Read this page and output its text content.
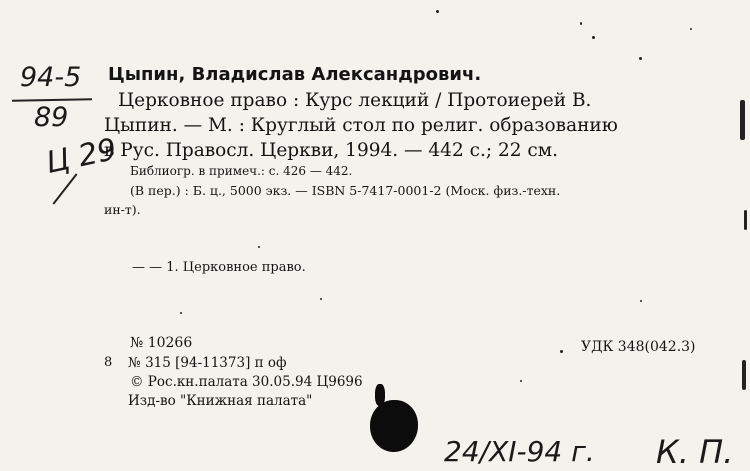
94-5
89
Ц 29
Цыпин, Владислав Александрович.
Церковное право : Курс лекций / Протоиерей В.
Цыпин. — М. : Круглый стол по религ. образованию
в Рус. Правосл. Церкви, 1994. — 442 с.; 22 см.
Библиогр. в примеч.: с. 426 — 442.
(В пер.) : Б. ц., 5000 экз. — ISBN 5-7417-0001-2 (Моск. физ.-техн.
ин-т).
— — 1. Церковное право.
№ 10266	УДК 348(042.3)
8 № 315 [94-11373] п оф
© Рос.кн.палата 30.05.94 Ц9696
Изд-во "Книжная палата"
24/XI-94 г. К. П.
